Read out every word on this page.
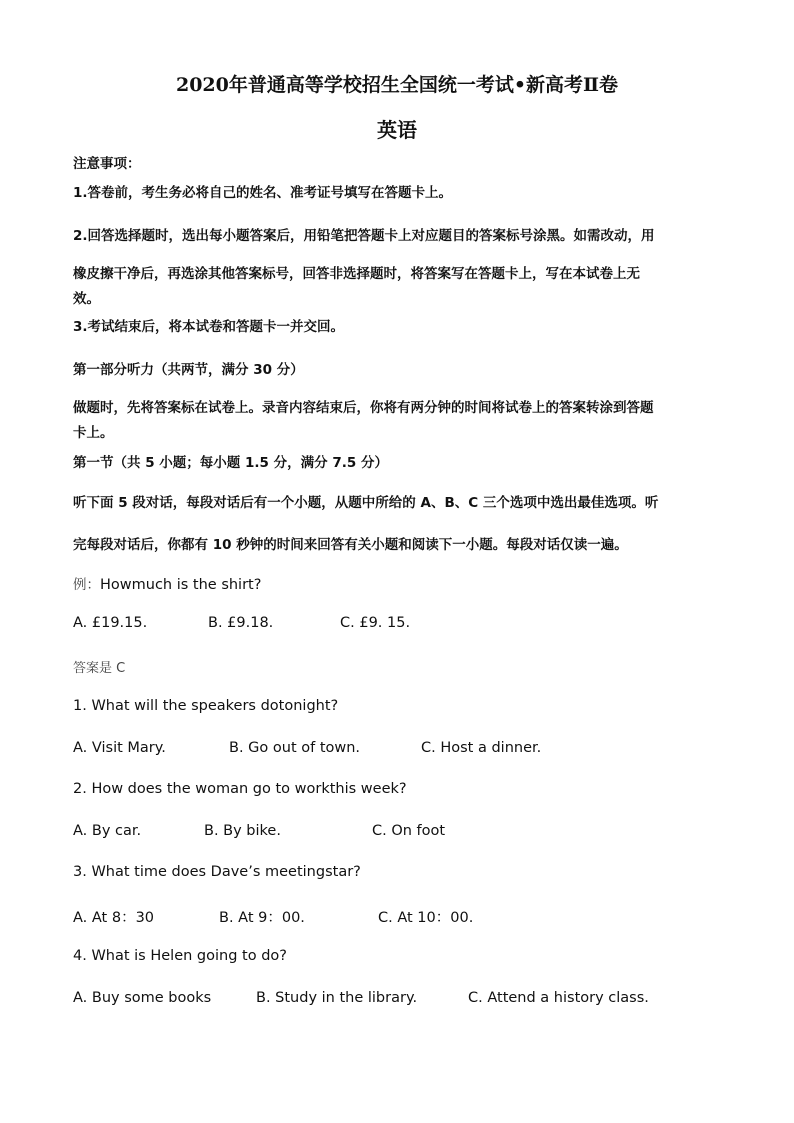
2020年普通高等学校招生全国统一考试•新高考Ⅱ卷
英语
注意事项：
1.答卷前，考生务必将自己的姓名、准考证号填写在答题卡上。
2.回答选择题时，选出每小题答案后，用铅笔把答题卡上对应题目的答案标号涂黑。如需改动，用
橡皮擦干净后，再选涂其他答案标号，回答非选择题时，将答案写在答题卡上，写在本试卷上无
效。
3.考试结束后，将本试卷和答题卡一并交回。
第一部分听力（共两节，满分 30 分）
做题时，先将答案标在试卷上。录音内容结束后，你将有两分钟的时间将试卷上的答案转涂到答题
卡上。
第一节（共 5 小题；每小题 1.5 分，满分 7.5 分）
听下面 5 段对话，每段对话后有一个小题，从题中所给的 A、B、C 三个选项中选出最佳选项。听
完每段对话后，你都有 10 秒钟的时间来回答有关小题和阅读下一小题。每段对话仅读一遍。
例：Howmuch is the shirt?
A. £19.15.	B. £9.18.	C. £9. 15.
答案是 C
1. What will the speakers dotonight?
A. Visit Mary.	B. Go out of town.	C. Host a dinner.
2. How does the woman go to workthis week?
A. By car.	B. By bike.	C. On foot
3. What time does Dave’s meetingstar?
A. At 8：30	B. At 9：00.	C. At 10：00.
4. What is Helen going to do?
A. Buy some books	B. Study in the library.	C. Attend a history class.
